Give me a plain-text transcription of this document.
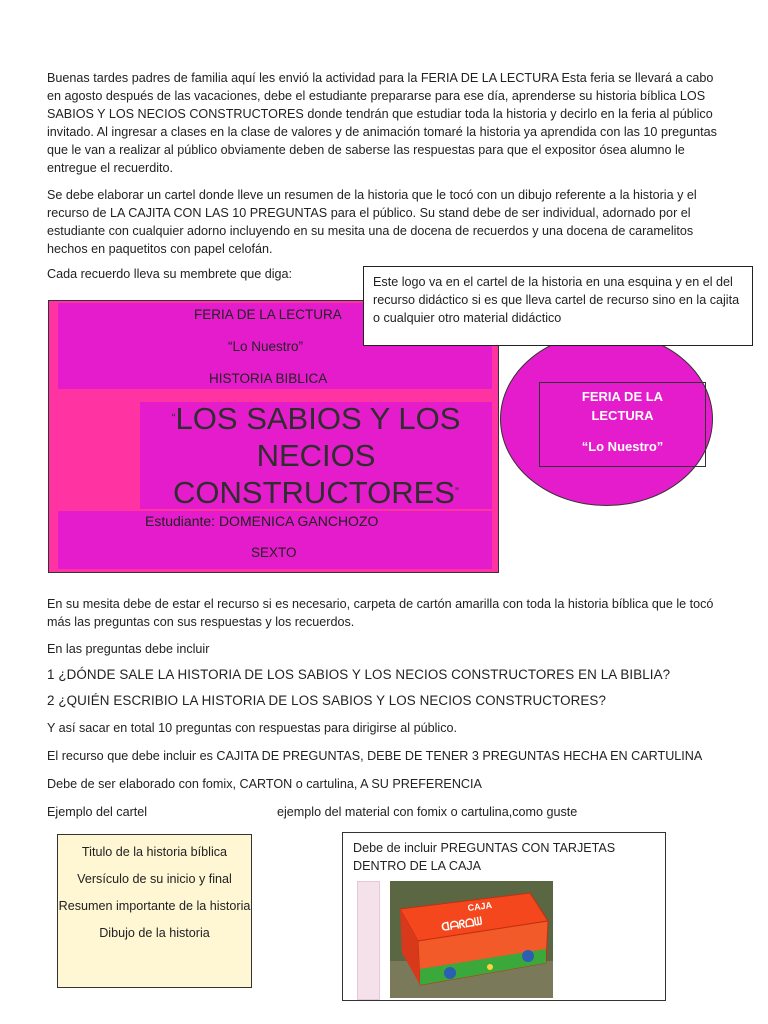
Buenas tardes padres de familia aquí les envió la actividad para la FERIA DE LA LECTURA Esta feria se llevará a cabo en agosto después de las vacaciones, debe el estudiante prepararse para ese día, aprenderse su historia bíblica LOS SABIOS Y LOS NECIOS CONSTRUCTORES donde tendrán que estudiar toda la historia y decirlo en la feria al público invitado. Al ingresar a clases en la clase de valores y de animación tomaré la historia ya aprendida con las 10 preguntas que le van a realizar al público obviamente deben de saberse las respuestas para que el expositor ósea alumno le entregue el recuerdito.

Se debe elaborar un cartel donde lleve un resumen de la historia que le tocó con un dibujo referente a la historia y el recurso de LA CAJITA CON LAS 10 PREGUNTAS para el público. Su stand debe de ser individual, adornado por el estudiante con cualquier adorno incluyendo en su mesita una de docena de recuerdos y una docena de caramelitos hechos en paquetitos con papel celofán.

Cada recuerdo lleva su membrete que diga:

FERIA DE LA LECTURA
“Lo Nuestro”
HISTORIA BIBLICA
“LOS SABIOS Y LOS
NECIOS
CONSTRUCTORES”
Estudiante: DOMENICA GANCHOZO
SEXTO
FERIA DE LA
LECTURA
“Lo Nuestro”
Este logo va en el cartel de la historia en una esquina y en el del recurso didáctico si es que lleva cartel de recurso sino en la cajita o cualquier otro material didáctico

En su mesita debe de estar el recurso si es necesario, carpeta de cartón amarilla con toda la historia bíblica que le tocó más las preguntas con sus respuestas y los recuerdos.

En las preguntas debe incluir

1 ¿DÓNDE SALE LA HISTORIA DE LOS SABIOS Y LOS NECIOS CONSTRUCTORES EN LA BIBLIA?

2 ¿QUIÉN ESCRIBIO LA HISTORIA DE LOS SABIOS Y LOS NECIOS CONSTRUCTORES?

Y así sacar en total 10 preguntas con respuestas para dirigirse al público.

El recurso que debe incluir es CAJITA DE PREGUNTAS, DEBE DE TENER 3 PREGUNTAS HECHA EN CARTULINA

Debe de ser elaborado con fomix, CARTON o cartulina, A SU PREFERENCIA

Ejemplo del cartel	ejemplo del material con fomix o cartulina,como guste

Titulo de la historia bíblica
Versículo de su inicio y final
Resumen importante de la historia
Dibujo de la historia
Debe de incluir PREGUNTAS CON TARJETAS DENTRO DE LA CAJA
CAJA
ᗡᗩᖇᗝᗯ
